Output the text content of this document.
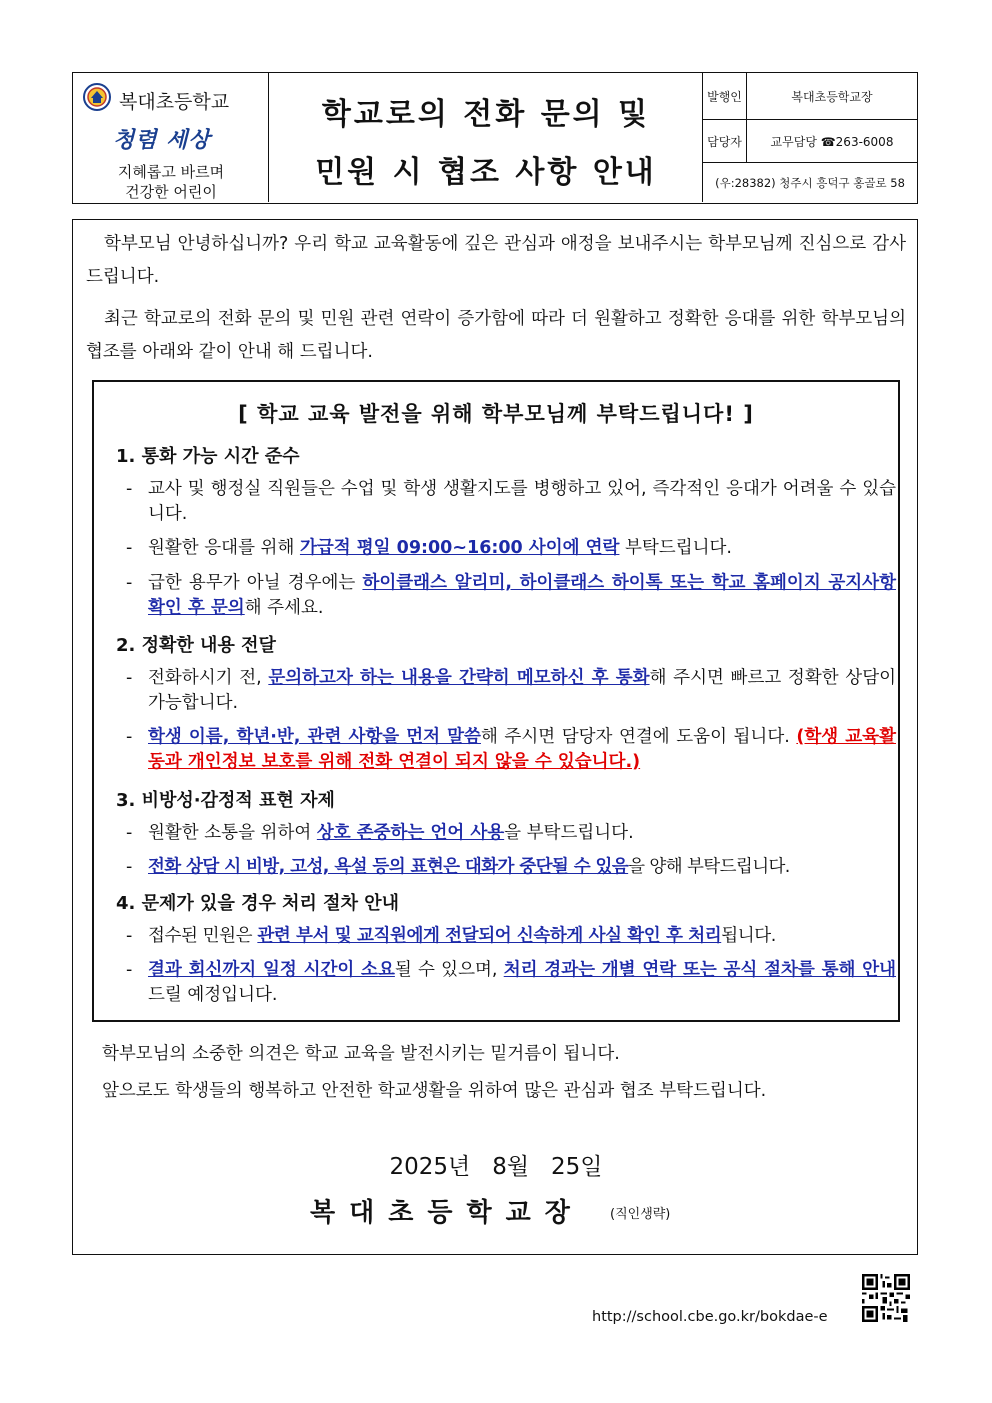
복대초등학교
청렴 세상
지혜롭고 바르며
건강한 어린이
학교로의 전화 문의 및
민원 시 협조 사항 안내
발행인	복대초등학교장
담당자	교무담당 ☎263-6008
(우:28382) 청주시 흥덕구 홍골로 58
학부모님 안녕하십니까? 우리 학교 교육활동에 깊은 관심과 애정을 보내주시는 학부모님께 진심으로 감사드립니다.
최근 학교로의 전화 문의 및 민원 관련 연락이 증가함에 따라 더 원활하고 정확한 응대를 위한 학부모님의 협조를 아래와 같이 안내 해 드립니다.
[ 학교 교육 발전을 위해 학부모님께 부탁드립니다! ]
1. 통화 가능 시간 준수
- 교사 및 행정실 직원들은 수업 및 학생 생활지도를 병행하고 있어, 즉각적인 응대가 어려울 수 있습니다.
- 원활한 응대를 위해 가급적 평일 09:00~16:00 사이에 연락 부탁드립니다.
- 급한 용무가 아닐 경우에는 하이클래스 알리미, 하이클래스 하이톡 또는 학교 홈페이지 공지사항 확인 후 문의해 주세요.
2. 정확한 내용 전달
- 전화하시기 전, 문의하고자 하는 내용을 간략히 메모하신 후 통화해 주시면 빠르고 정확한 상담이 가능합니다.
- 학생 이름, 학년·반, 관련 사항을 먼저 말씀해 주시면 담당자 연결에 도움이 됩니다. (학생 교육활동과 개인정보 보호를 위해 전화 연결이 되지 않을 수 있습니다.)
3. 비방성·감정적 표현 자제
- 원활한 소통을 위하여 상호 존중하는 언어 사용을 부탁드립니다.
- 전화 상담 시 비방, 고성, 욕설 등의 표현은 대화가 중단될 수 있음을 양해 부탁드립니다.
4. 문제가 있을 경우 처리 절차 안내
- 접수된 민원은 관련 부서 및 교직원에게 전달되어 신속하게 사실 확인 후 처리됩니다.
- 결과 회신까지 일정 시간이 소요될 수 있으며, 처리 경과는 개별 연락 또는 공식 절차를 통해 안내 드릴 예정입니다.
학부모님의 소중한 의견은 학교 교육을 발전시키는 밑거름이 됩니다.
앞으로도 학생들의 행복하고 안전한 학교생활을 위하여 많은 관심과 협조 부탁드립니다.
2025년   8월   25일
복대초등학교장 (직인생략)
http://school.cbe.go.kr/bokdae-e
